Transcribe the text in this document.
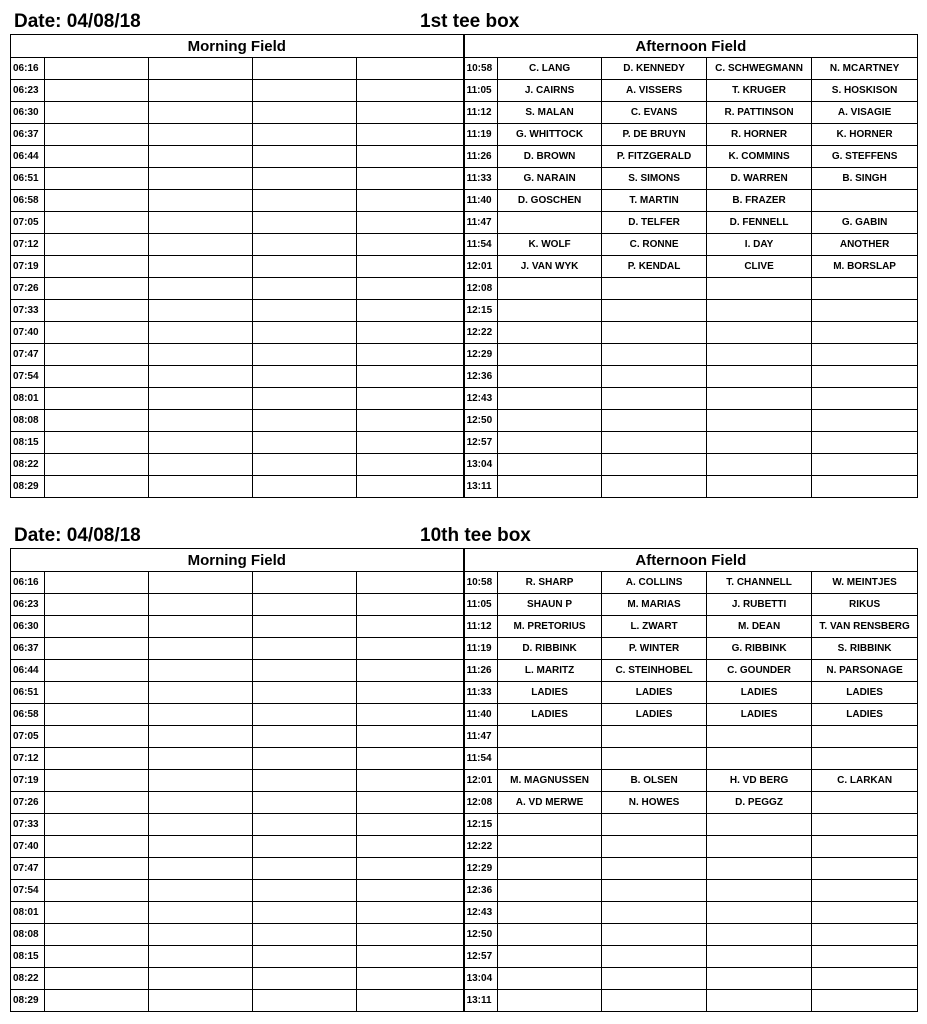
Date: 04/08/18	1st tee box
Morning Field					Afternoon Field				
06:16					10:58	C. LANG	D. KENNEDY	C. SCHWEGMANN	N. MCARTNEY
06:23					11:05	J. CAIRNS	A. VISSERS	T. KRUGER	S. HOSKISON
06:30					11:12	S. MALAN	C. EVANS	R. PATTINSON	A. VISAGIE
06:37					11:19	G. WHITTOCK	P. DE BRUYN	R. HORNER	K. HORNER
06:44					11:26	D. BROWN	P. FITZGERALD	K. COMMINS	G. STEFFENS
06:51					11:33	G. NARAIN	S. SIMONS	D. WARREN	B. SINGH
06:58					11:40	D. GOSCHEN	T. MARTIN	B. FRAZER	
07:05					11:47		D. TELFER	D. FENNELL	G. GABIN
07:12					11:54	K. WOLF	C. RONNE	I. DAY	ANOTHER
07:19					12:01	J. VAN WYK	P. KENDAL	CLIVE	M. BORSLAP
07:26					12:08				
07:33					12:15				
07:40					12:22				
07:47					12:29				
07:54					12:36				
08:01					12:43				
08:08					12:50				
08:15					12:57				
08:22					13:04				
08:29					13:11				
Date: 04/08/18	10th tee box
Morning Field					Afternoon Field				
06:16					10:58	R. SHARP	A. COLLINS	T. CHANNELL	W. MEINTJES
06:23					11:05	SHAUN P	M. MARIAS	J. RUBETTI	RIKUS
06:30					11:12	M. PRETORIUS	L. ZWART	M. DEAN	T. VAN RENSBERG
06:37					11:19	D. RIBBINK	P. WINTER	G. RIBBINK	S. RIBBINK
06:44					11:26	L. MARITZ	C. STEINHOBEL	C. GOUNDER	N. PARSONAGE
06:51					11:33	LADIES	LADIES	LADIES	LADIES
06:58					11:40	LADIES	LADIES	LADIES	LADIES
07:05					11:47				
07:12					11:54				
07:19					12:01	M. MAGNUSSEN	B. OLSEN	H. VD BERG	C. LARKAN
07:26					12:08	A. VD MERWE	N. HOWES	D. PEGGZ	
07:33					12:15				
07:40					12:22				
07:47					12:29				
07:54					12:36				
08:01					12:43				
08:08					12:50				
08:15					12:57				
08:22					13:04				
08:29					13:11				
